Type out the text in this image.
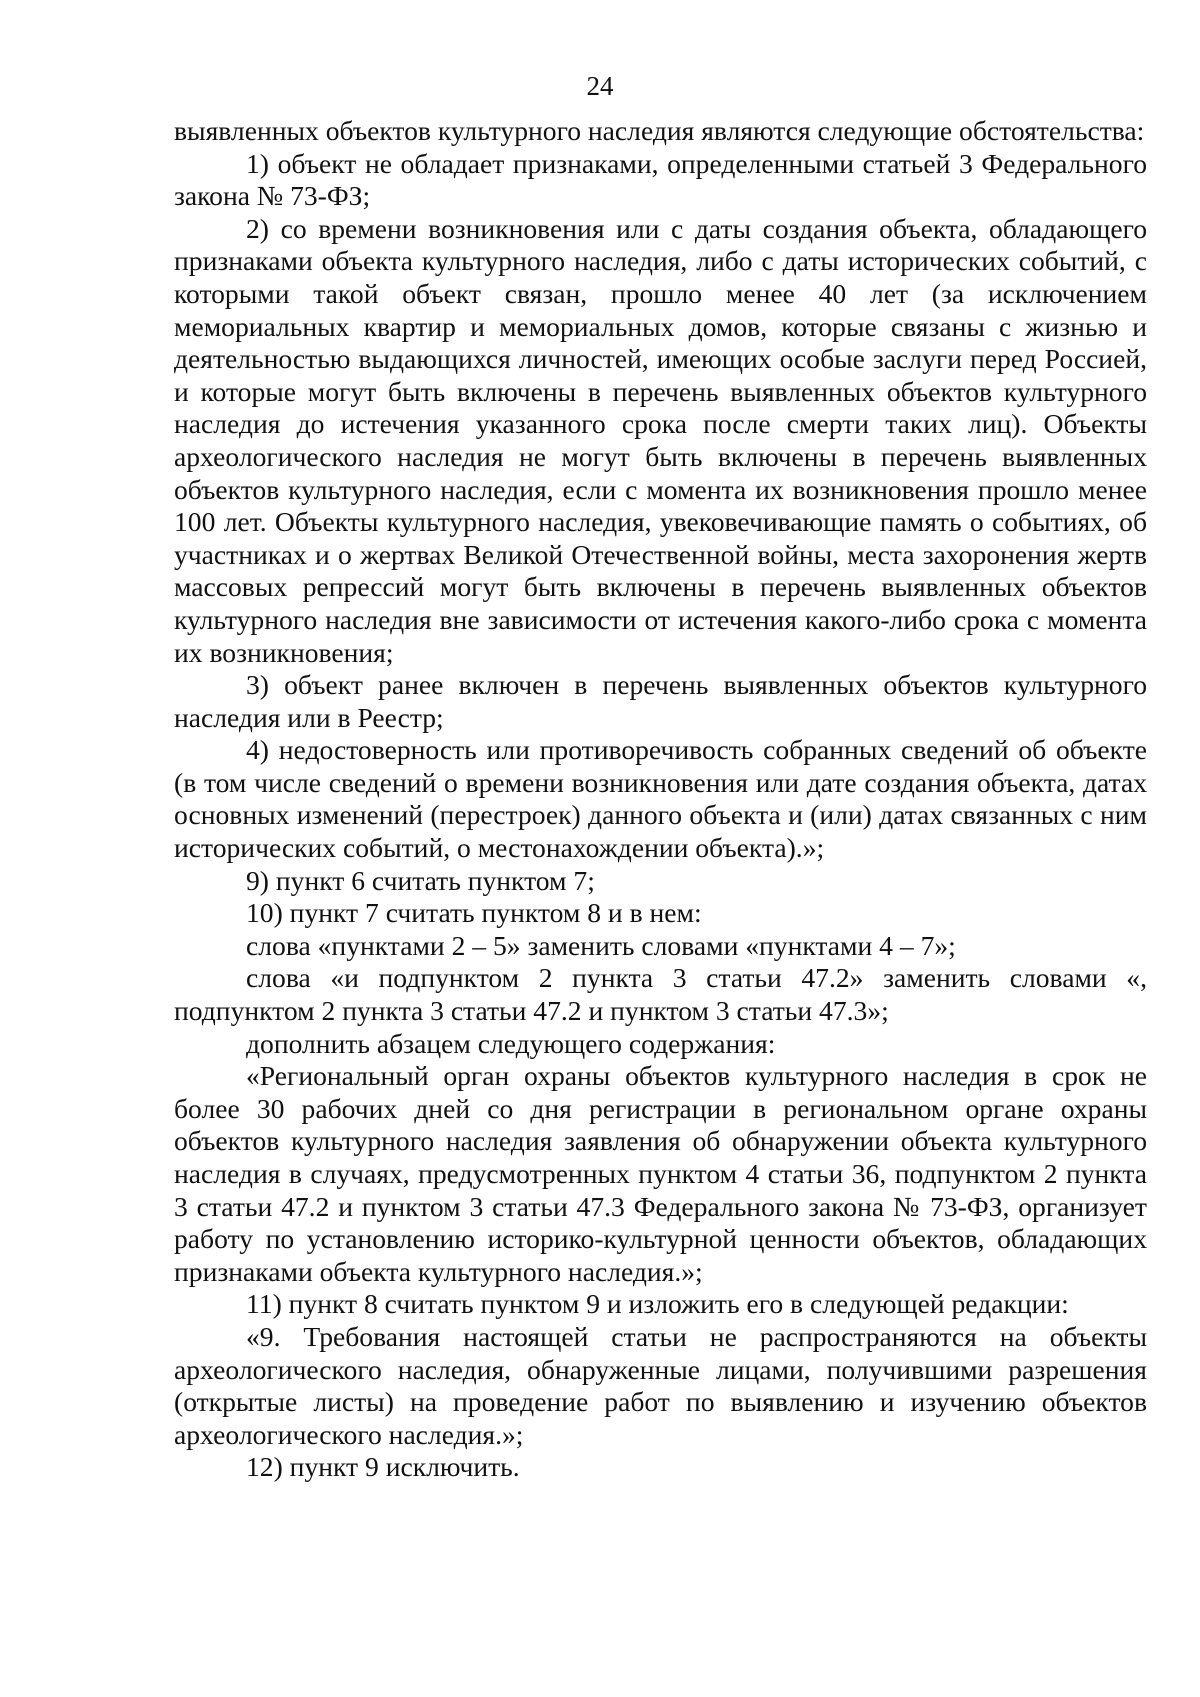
24

выявленных объектов культурного наследия являются следующие обстоятельства:

1) объект не обладает признаками, определенными статьей 3 Федерального закона № 73-ФЗ;

2) со времени возникновения или с даты создания объекта, обладающего признаками объекта культурного наследия, либо с даты исторических событий, с которыми такой объект связан, прошло менее 40 лет (за исключением мемориальных квартир и мемориальных домов, которые связаны с жизнью и деятельностью выдающихся личностей, имеющих особые заслуги перед Россией, и которые могут быть включены в перечень выявленных объектов культурного наследия до истечения указанного срока после смерти таких лиц). Объекты археологического наследия не могут быть включены в перечень выявленных объектов культурного наследия, если с момента их возникновения прошло менее 100 лет. Объекты культурного наследия, увековечивающие память о событиях, об участниках и о жертвах Великой Отечественной войны, места захоронения жертв массовых репрессий могут быть включены в перечень выявленных объектов культурного наследия вне зависимости от истечения какого-либо срока с момента их возникновения;

3) объект ранее включен в перечень выявленных объектов культурного наследия или в Реестр;

4) недостоверность или противоречивость собранных сведений об объекте (в том числе сведений о времени возникновения или дате создания объекта, датах основных изменений (перестроек) данного объекта и (или) датах связанных с ним исторических событий, о местонахождении объекта).»;

9) пункт 6 считать пунктом 7;

10) пункт 7 считать пунктом 8 и в нем:

слова «пунктами 2 – 5» заменить словами «пунктами 4 – 7»;

слова «и подпунктом 2 пункта 3 статьи 47.2» заменить словами «, подпунктом 2 пункта 3 статьи 47.2 и пунктом 3 статьи 47.3»;

дополнить абзацем следующего содержания:

«Региональный орган охраны объектов культурного наследия в срок не более 30 рабочих дней со дня регистрации в региональном органе охраны объектов культурного наследия заявления об обнаружении объекта культурного наследия в случаях, предусмотренных пунктом 4 статьи 36, подпунктом 2 пункта 3 статьи 47.2 и пунктом 3 статьи 47.3 Федерального закона № 73-ФЗ, организует работу по установлению историко-культурной ценности объектов, обладающих признаками объекта культурного наследия.»;

11) пункт 8 считать пунктом 9 и изложить его в следующей редакции:

«9. Требования настоящей статьи не распространяются на объекты археологического наследия, обнаруженные лицами, получившими разрешения (открытые листы) на проведение работ по выявлению и изучению объектов археологического наследия.»;

12) пункт 9 исключить.
